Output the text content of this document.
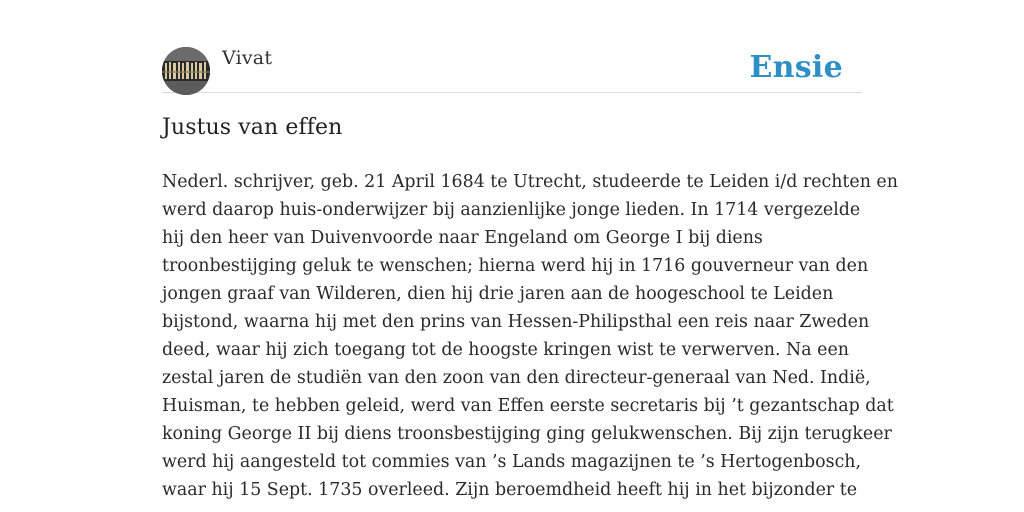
Vivat	Ensie
Justus van effen

Nederl. schrijver, geb. 21 April 1684 te Utrecht, studeerde te Leiden i/d rechten en
werd daarop huis-onderwijzer bij aanzienlijke jonge lieden. In 1714 vergezelde
hij den heer van Duivenvoorde naar Engeland om George I bij diens
troonbestijging geluk te wenschen; hierna werd hij in 1716 gouverneur van den
jongen graaf van Wilderen, dien hij drie jaren aan de hoogeschool te Leiden
bijstond, waarna hij met den prins van Hessen-Philipsthal een reis naar Zweden
deed, waar hij zich toegang tot de hoogste kringen wist te verwerven. Na een
zestal jaren de studiën van den zoon van den directeur-generaal van Ned. Indië,
Huisman, te hebben geleid, werd van Effen eerste secretaris bij ’t gezantschap dat
koning George II bij diens troonsbestijging ging gelukwenschen. Bij zijn terugkeer
werd hij aangesteld tot commies van ’s Lands magazijnen te ’s Hertogenbosch,
waar hij 15 Sept. 1735 overleed. Zijn beroemdheid heeft hij in het bijzonder te
